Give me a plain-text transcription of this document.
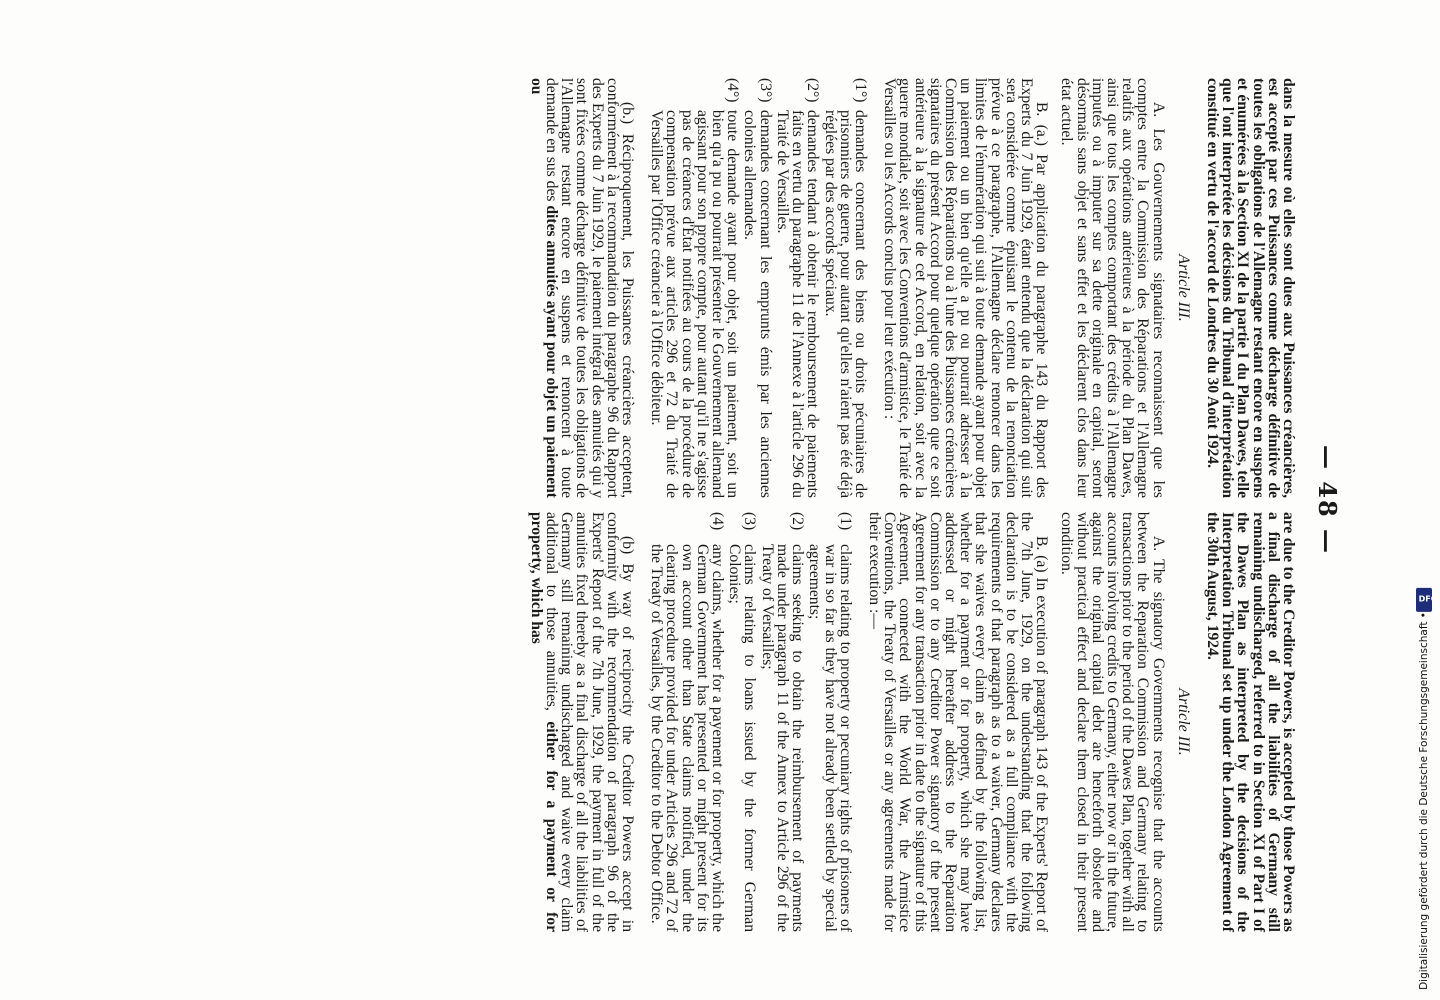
— 48 —

dans la mesure où elles sont dues aux Puissances créancières, est accepté par ces Puissances comme décharge définitive de toutes les obligations de l'Allemagne restant encore en suspens et énumérées à la Section XI de la partie I du Plan Dawes, telle que l'ont interprétée les décisions du Tribunal d'interprétation constitué en vertu de l'accord de Londres du 30 Août 1924.

Article III.

A. Les Gouvernements signataires reconnaissent que les comptes entre la Commission des Réparations et l'Allemagne relatifs aux opérations antérieures à la période du Plan Dawes, ainsi que tous les comptes comportant des crédits à l'Allemagne imputés ou à imputer sur sa dette originale en capital, seront désormais sans objet et sans effet et les déclarent clos dans leur état actuel.

B. (a.) Par application du paragraphe 143 du Rapport des Experts du 7 Juin 1929, étant entendu que la déclaration qui suit sera considérée comme épuisant le contenu de la renonciation prévue à ce paragraphe, l'Allemagne déclare renoncer dans les limites de l'énumération qui suit à toute demande ayant pour objet un paiement ou un bien qu'elle a pu ou pourrait adresser à la Commission des Réparations ou à l'une des Puissances créancières signataires du présent Accord pour quelque opération que ce soit antérieure à la signature de cet Accord, en relation, soit avec la guerre mondiale, soit avec les Conventions d'armistice, le Traité de Versailles ou les Accords conclus pour leur exécution :

(1°)
demandes concernant des biens ou droits pécuniaires de prisonniers de guerre, pour autant qu'elles n'aient pas été déjà réglées par des accords spéciaux.
(2°)
demandes tendant à obtenir le remboursement de paiements faits en vertu du paragraphe 11 de l'Annexe à l'article 296 du Traité de Versailles.
(3°)
demandes concernant les emprunts émis par les anciennes colonies allemandes.
(4°)
toute demande ayant pour objet, soit un paiement, soit un bien qu'a pu ou pourrait présenter le Gouvernement allemand agissant pour son propre compte, pour autant qu'il ne s'agisse pas de créances d'État notifiées au cours de la procédure de compensation prévue aux articles 296 et 72 du Traité de Versailles par l'Office créancier à l'Office débiteur.

(b.) Réciproquement, les Puissances créancières acceptent, conformément à la recommandation du paragraphe 96 du Rapport des Experts du 7 Juin 1929, le paiement intégral des annuités qui y sont fixées comme décharge définitive de toutes les obligations de l'Allemagne restant encore en suspens et renoncent à toute demande en sus des dites annuités ayant pour objet un paiement ou

are due to the Creditor Powers, is accepted by those Powers as a final discharge of all the liabilities of Germany still remaining undischarged, referred to in Section XI of Part I of the Dawes Plan as interpreted by the decisions of the Interpretation Tribunal set up under the London Agreement of the 30th August, 1924.

Article III.

A. The signatory Governments recognise that the accounts between the Reparation Commission and Germany relating to transactions prior to the period of the Dawes Plan, together with all accounts involving credits to Germany, either now or in the future, against the original capital debt are henceforth obsolete and without practical effect and declare them closed in their present condition.

B. (a) In execution of paragraph 143 of the Experts' Report of the 7th June, 1929, on the understanding that the following declaration is to be considered as a full compliance with the requirements of that paragraph as to a waiver, Germany declares that she waives every claim as defined by the following list, whether for a payment or for property, which she may have addressed or might hereafter address to the Reparation Commission or to any Creditor Power signatory of the present Agreement for any transaction prior in date to the signature of this Agreement, connected with the World War, the Armistice Conventions, the Treaty of Versailles or any agreements made for their execution :—

(1)
claims relating to property or pecuniary rights of prisoners of war in so far as they have not already been settled by special agreements;
(2)
claims seeking to obtain the reimbursement of payments made under paragraph 11 of the Annex to Article 296 of the Treaty of Versailles;
(3)
claims relating to loans issued by the former German Colonies;
(4)
any claims, whether for a payement or for property, which the German Government has presented or might present for its own account other than State claims notified, under the clearing procedure provided for under Articles 296 and 72 of the Treaty of Versailles, by the Creditor to the Debtor Office.

(b) By way of reciprocity the Creditor Powers accept in conformity with the recommendation of paragraph 96 of the Experts' Report of the 7th June, 1929, the payment in full of the annuities fixed thereby as a final discharge of all the liabilities of Germany still remaining undischarged and waive every claim additional to those annuities, either for a payment or for property, which has

Digitalisierung gefördert durch die Deutsche Forschungsgemeinschaft •
DFG
